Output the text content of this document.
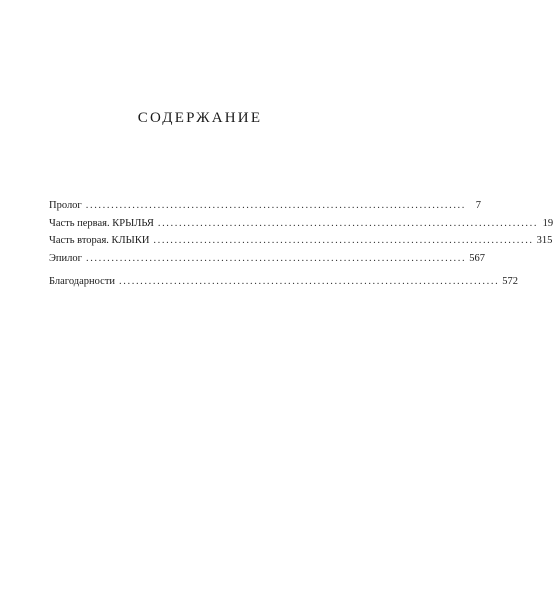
СОДЕРЖАНИЕ
Пролог .......................................................................................... 7
Часть первая. КРЫЛЬЯ .......................................................................................... 19
Часть вторая. КЛЫКИ .......................................................................................... 315
Эпилог .......................................................................................... 567
Благодарности .......................................................................................... 572
